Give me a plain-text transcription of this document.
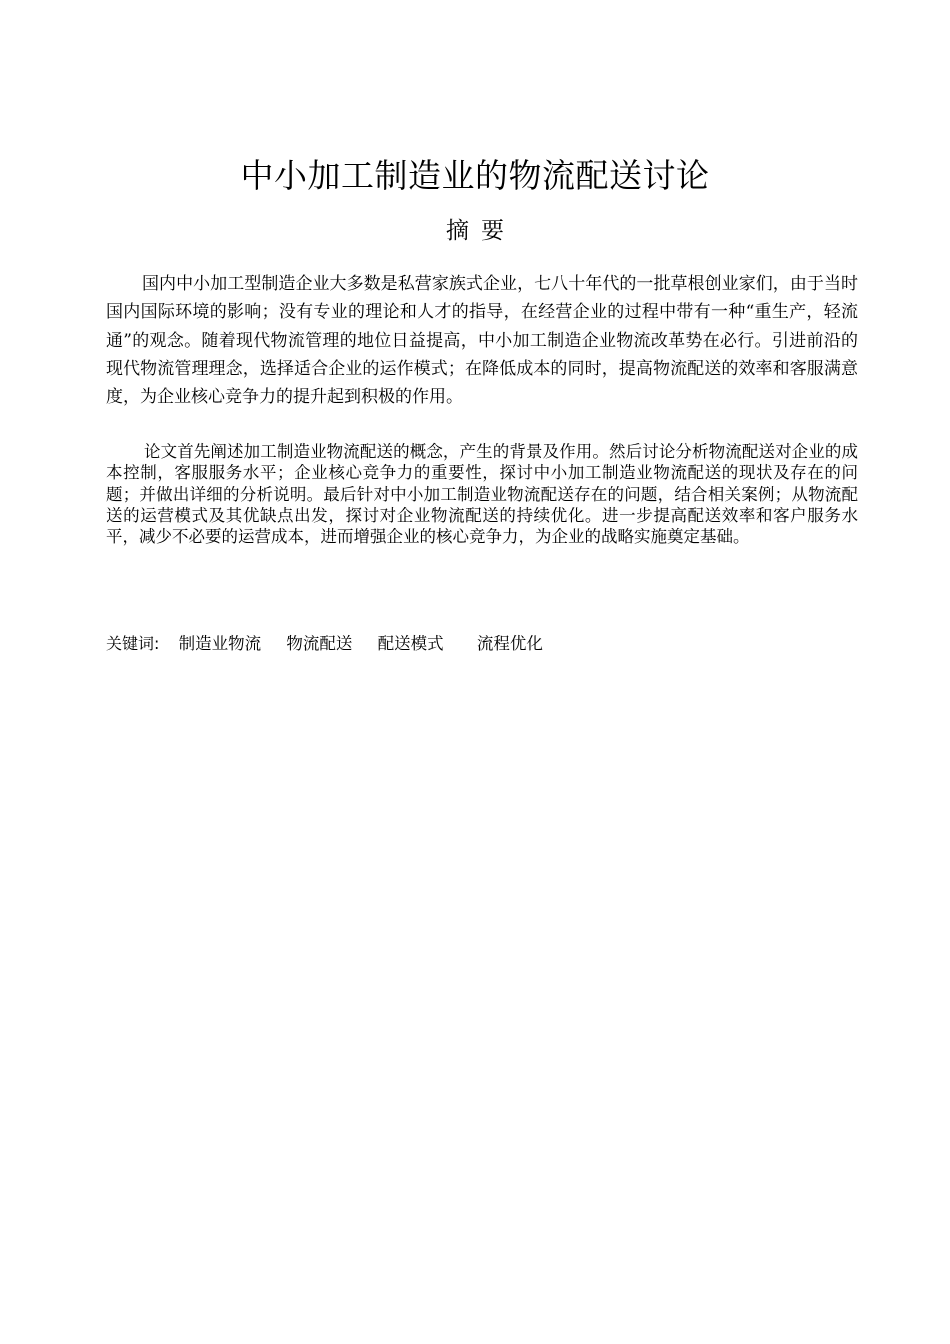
中小加工制造业的物流配送讨论
摘要

国内中小加工型制造企业大多数是私营家族式企业，七八十年代的一批草根创业家们，由于当时国内国际环境的影响；没有专业的理论和人才的指导，在经营企业的过程中带有一种“重生产，轻流通”的观念。随着现代物流管理的地位日益提高，中小加工制造企业物流改革势在必行。引进前沿的现代物流管理理念，选择适合企业的运作模式；在降低成本的同时，提高物流配送的效率和客服满意度，为企业核心竞争力的提升起到积极的作用。

论文首先阐述加工制造业物流配送的概念，产生的背景及作用。然后讨论分析物流配送对企业的成本控制，客服服务水平；企业核心竞争力的重要性，探讨中小加工制造业物流配送的现状及存在的问题；并做出详细的分析说明。最后针对中小加工制造业物流配送存在的问题，结合相关案例；从物流配送的运营模式及其优缺点出发，探讨对企业物流配送的持续优化。进一步提高配送效率和客户服务水平，减少不必要的运营成本，进而增强企业的核心竞争力，为企业的战略实施奠定基础。

关键词: 制造业物流 物流配送 配送模式 流程优化
